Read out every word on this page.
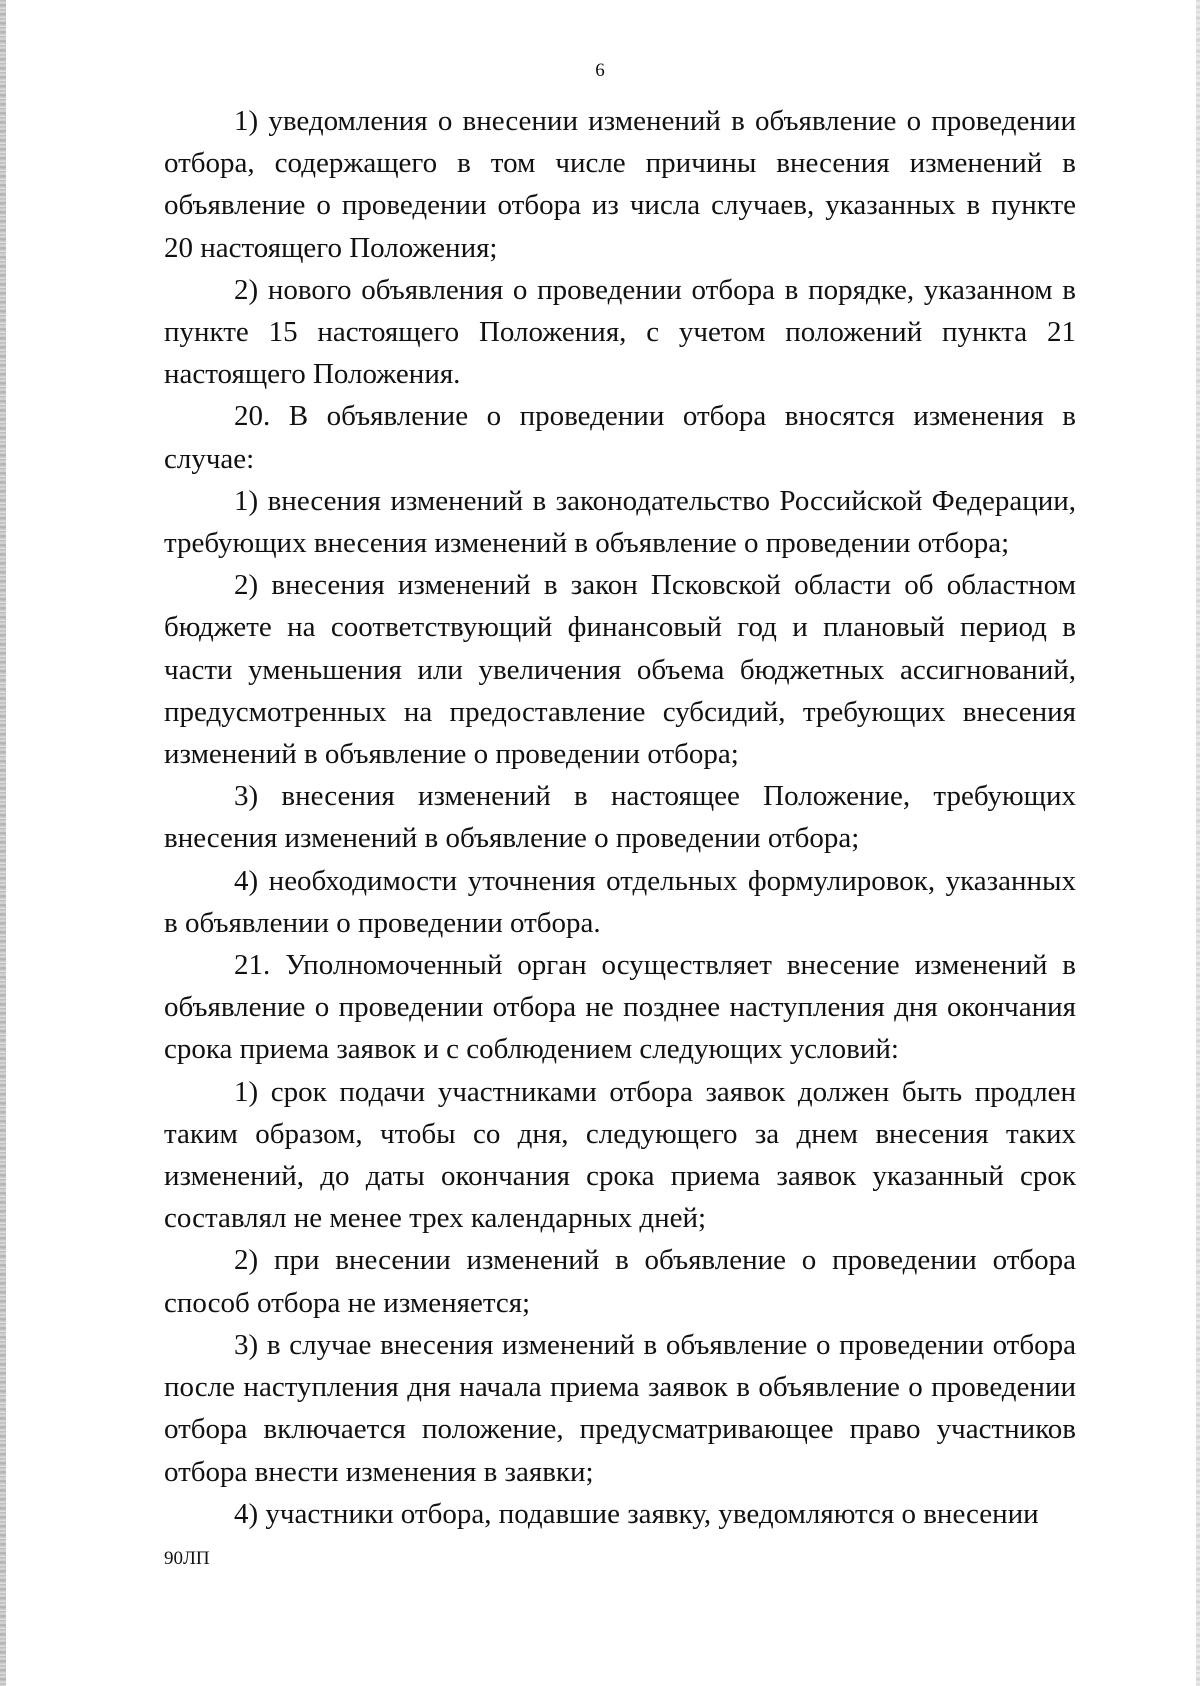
6

1) уведомления о внесении изменений в объявление о проведении отбора, содержащего в том числе причины внесения изменений в объявление о проведении отбора из числа случаев, указанных в пункте 20 настоящего Положения;

2) нового объявления о проведении отбора в порядке, указанном в пункте 15 настоящего Положения, с учетом положений пункта 21 настоящего Положения.

20. В объявление о проведении отбора вносятся изменения в случае:

1) внесения изменений в законодательство Российской Федерации, требующих внесения изменений в объявление о проведении отбора;

2) внесения изменений в закон Псковской области об областном бюджете на соответствующий финансовый год и плановый период в части уменьшения или увеличения объема бюджетных ассигнований, предусмотренных на предоставление субсидий, требующих внесения изменений в объявление о проведении отбора;

3) внесения изменений в настоящее Положение, требующих внесения изменений в объявление о проведении отбора;

4) необходимости уточнения отдельных формулировок, указанных в объявлении о проведении отбора.

21. Уполномоченный орган осуществляет внесение изменений в объявление о проведении отбора не позднее наступления дня окончания срока приема заявок и с соблюдением следующих условий:

1) срок подачи участниками отбора заявок должен быть продлен таким образом, чтобы со дня, следующего за днем внесения таких изменений, до даты окончания срока приема заявок указанный срок составлял не менее трех календарных дней;

2) при внесении изменений в объявление о проведении отбора способ отбора не изменяется;

3) в случае внесения изменений в объявление о проведении отбора после наступления дня начала приема заявок в объявление о проведении отбора включается положение, предусматривающее право участников отбора внести изменения в заявки;

4) участники отбора, подавшие заявку, уведомляются о внесении

90ЛП
